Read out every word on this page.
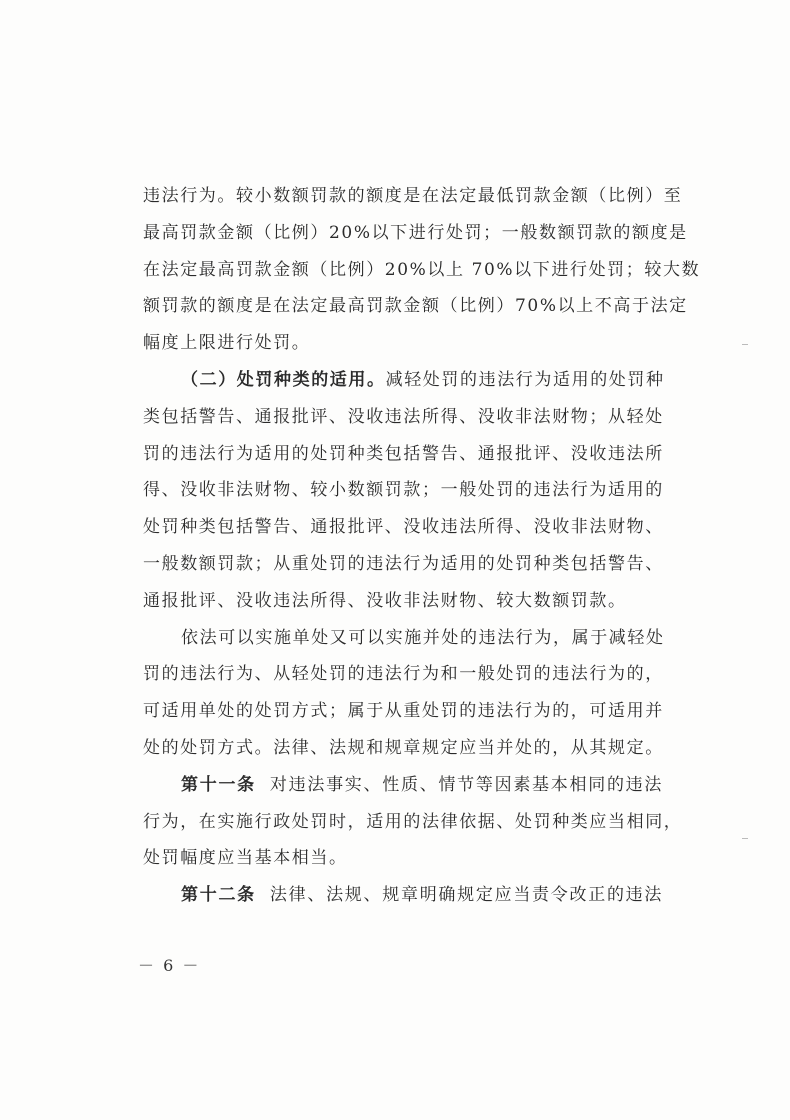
违法行为。较小数额罚款的额度是在法定最低罚款金额（比例）至
最高罚款金额（比例）20%以下进行处罚；一般数额罚款的额度是
在法定最高罚款金额（比例）20%以上 70%以下进行处罚；较大数
额罚款的额度是在法定最高罚款金额（比例）70%以上不高于法定
幅度上限进行处罚。
（二）处罚种类的适用。减轻处罚的违法行为适用的处罚种
类包括警告、通报批评、没收违法所得、没收非法财物；从轻处
罚的违法行为适用的处罚种类包括警告、通报批评、没收违法所
得、没收非法财物、较小数额罚款；一般处罚的违法行为适用的
处罚种类包括警告、通报批评、没收违法所得、没收非法财物、
一般数额罚款；从重处罚的违法行为适用的处罚种类包括警告、
通报批评、没收违法所得、没收非法财物、较大数额罚款。
依法可以实施单处又可以实施并处的违法行为，属于减轻处
罚的违法行为、从轻处罚的违法行为和一般处罚的违法行为的，
可适用单处的处罚方式；属于从重处罚的违法行为的，可适用并
处的处罚方式。法律、法规和规章规定应当并处的，从其规定。
第十一条 对违法事实、性质、情节等因素基本相同的违法
行为，在实施行政处罚时，适用的法律依据、处罚种类应当相同，
处罚幅度应当基本相当。
第十二条 法律、法规、规章明确规定应当责令改正的违法
－ 6 －
